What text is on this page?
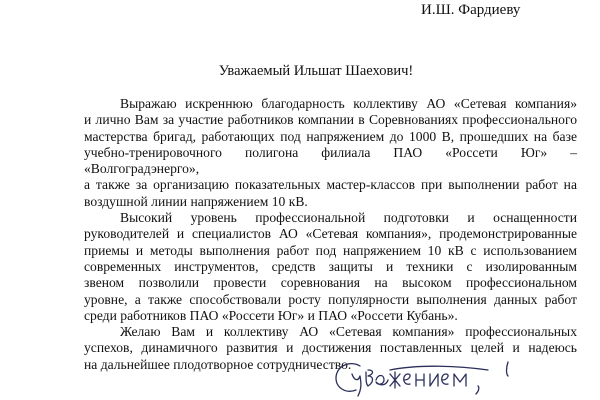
И.Ш. Фардиеву
Уважаемый Ильшат Шаехович!

Выражаю искреннюю благодарность коллективу АО «Сетевая компания»
и лично Вам за участие работников компании в Соревнованиях профессионального
мастерства бригад, работающих под напряжением до 1000 В, прошедших на базе
учебно-тренировочного полигона филиала ПАО «Россети Юг» – «Волгоградэнерго»,
а также за организацию показательных мастер-классов при выполнении работ на
воздушной линии напряжением 10 кВ.

Высокий уровень профессиональной подготовки и оснащенности
руководителей и специалистов АО «Сетевая компания», продемонстрированные
приемы и методы выполнения работ под напряжением 10 кВ с использованием
современных инструментов, средств защиты и техники с изолированным
звеном позволили провести соревнования на высоком профессиональном
уровне, а также способствовали росту популярности выполнения данных работ
среди работников ПАО «Россети Юг» и ПАО «Россети Кубань».

Желаю Вам и коллективу АО «Сетевая компания» профессиональных
успехов, динамичного развития и достижения поставленных целей и надеюсь
на дальнейшее плодотворное сотрудничество.
